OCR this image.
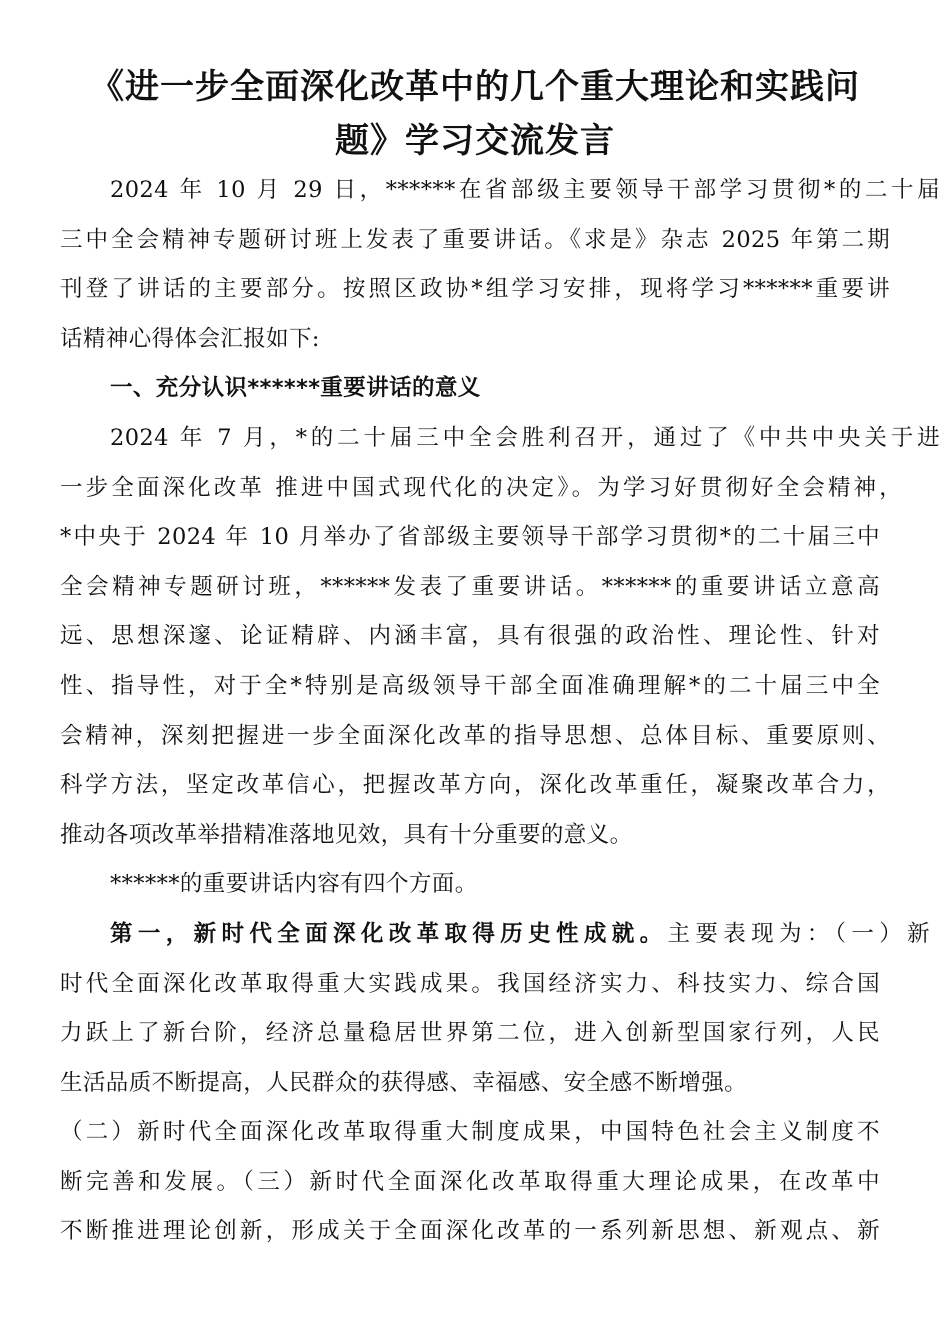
《进一步全面深化改革中的几个重大理论和实践问
题》学习交流发言
2024 年 10 月 29 日，******在省部级主要领导干部学习贯彻*的二十届
三中全会精神专题研讨班上发表了重要讲话。《求是》杂志 2025 年第二期
刊登了讲话的主要部分。按照区政协*组学习安排，现将学习******重要讲
话精神心得体会汇报如下:
一、充分认识******重要讲话的意义
2024 年 7 月，*的二十届三中全会胜利召开，通过了《中共中央关于进
一步全面深化改革 推进中国式现代化的决定》。为学习好贯彻好全会精神，
*中央于 2024 年 10 月举办了省部级主要领导干部学习贯彻*的二十届三中
全会精神专题研讨班，******发表了重要讲话。******的重要讲话立意高
远、思想深邃、论证精辟、内涵丰富，具有很强的政治性、理论性、针对
性、指导性，对于全*特别是高级领导干部全面准确理解*的二十届三中全
会精神，深刻把握进一步全面深化改革的指导思想、总体目标、重要原则、
科学方法，坚定改革信心，把握改革方向，深化改革重任，凝聚改革合力，
推动各项改革举措精准落地见效，具有十分重要的意义。
******的重要讲话内容有四个方面。
第一，新时代全面深化改革取得历史性成就。主要表现为：（一）新
时代全面深化改革取得重大实践成果。我国经济实力、科技实力、综合国
力跃上了新台阶，经济总量稳居世界第二位，进入创新型国家行列，人民
生活品质不断提高，人民群众的获得感、幸福感、安全感不断增强。
（二）新时代全面深化改革取得重大制度成果，中国特色社会主义制度不
断完善和发展。（三）新时代全面深化改革取得重大理论成果，在改革中
不断推进理论创新，形成关于全面深化改革的一系列新思想、新观点、新
